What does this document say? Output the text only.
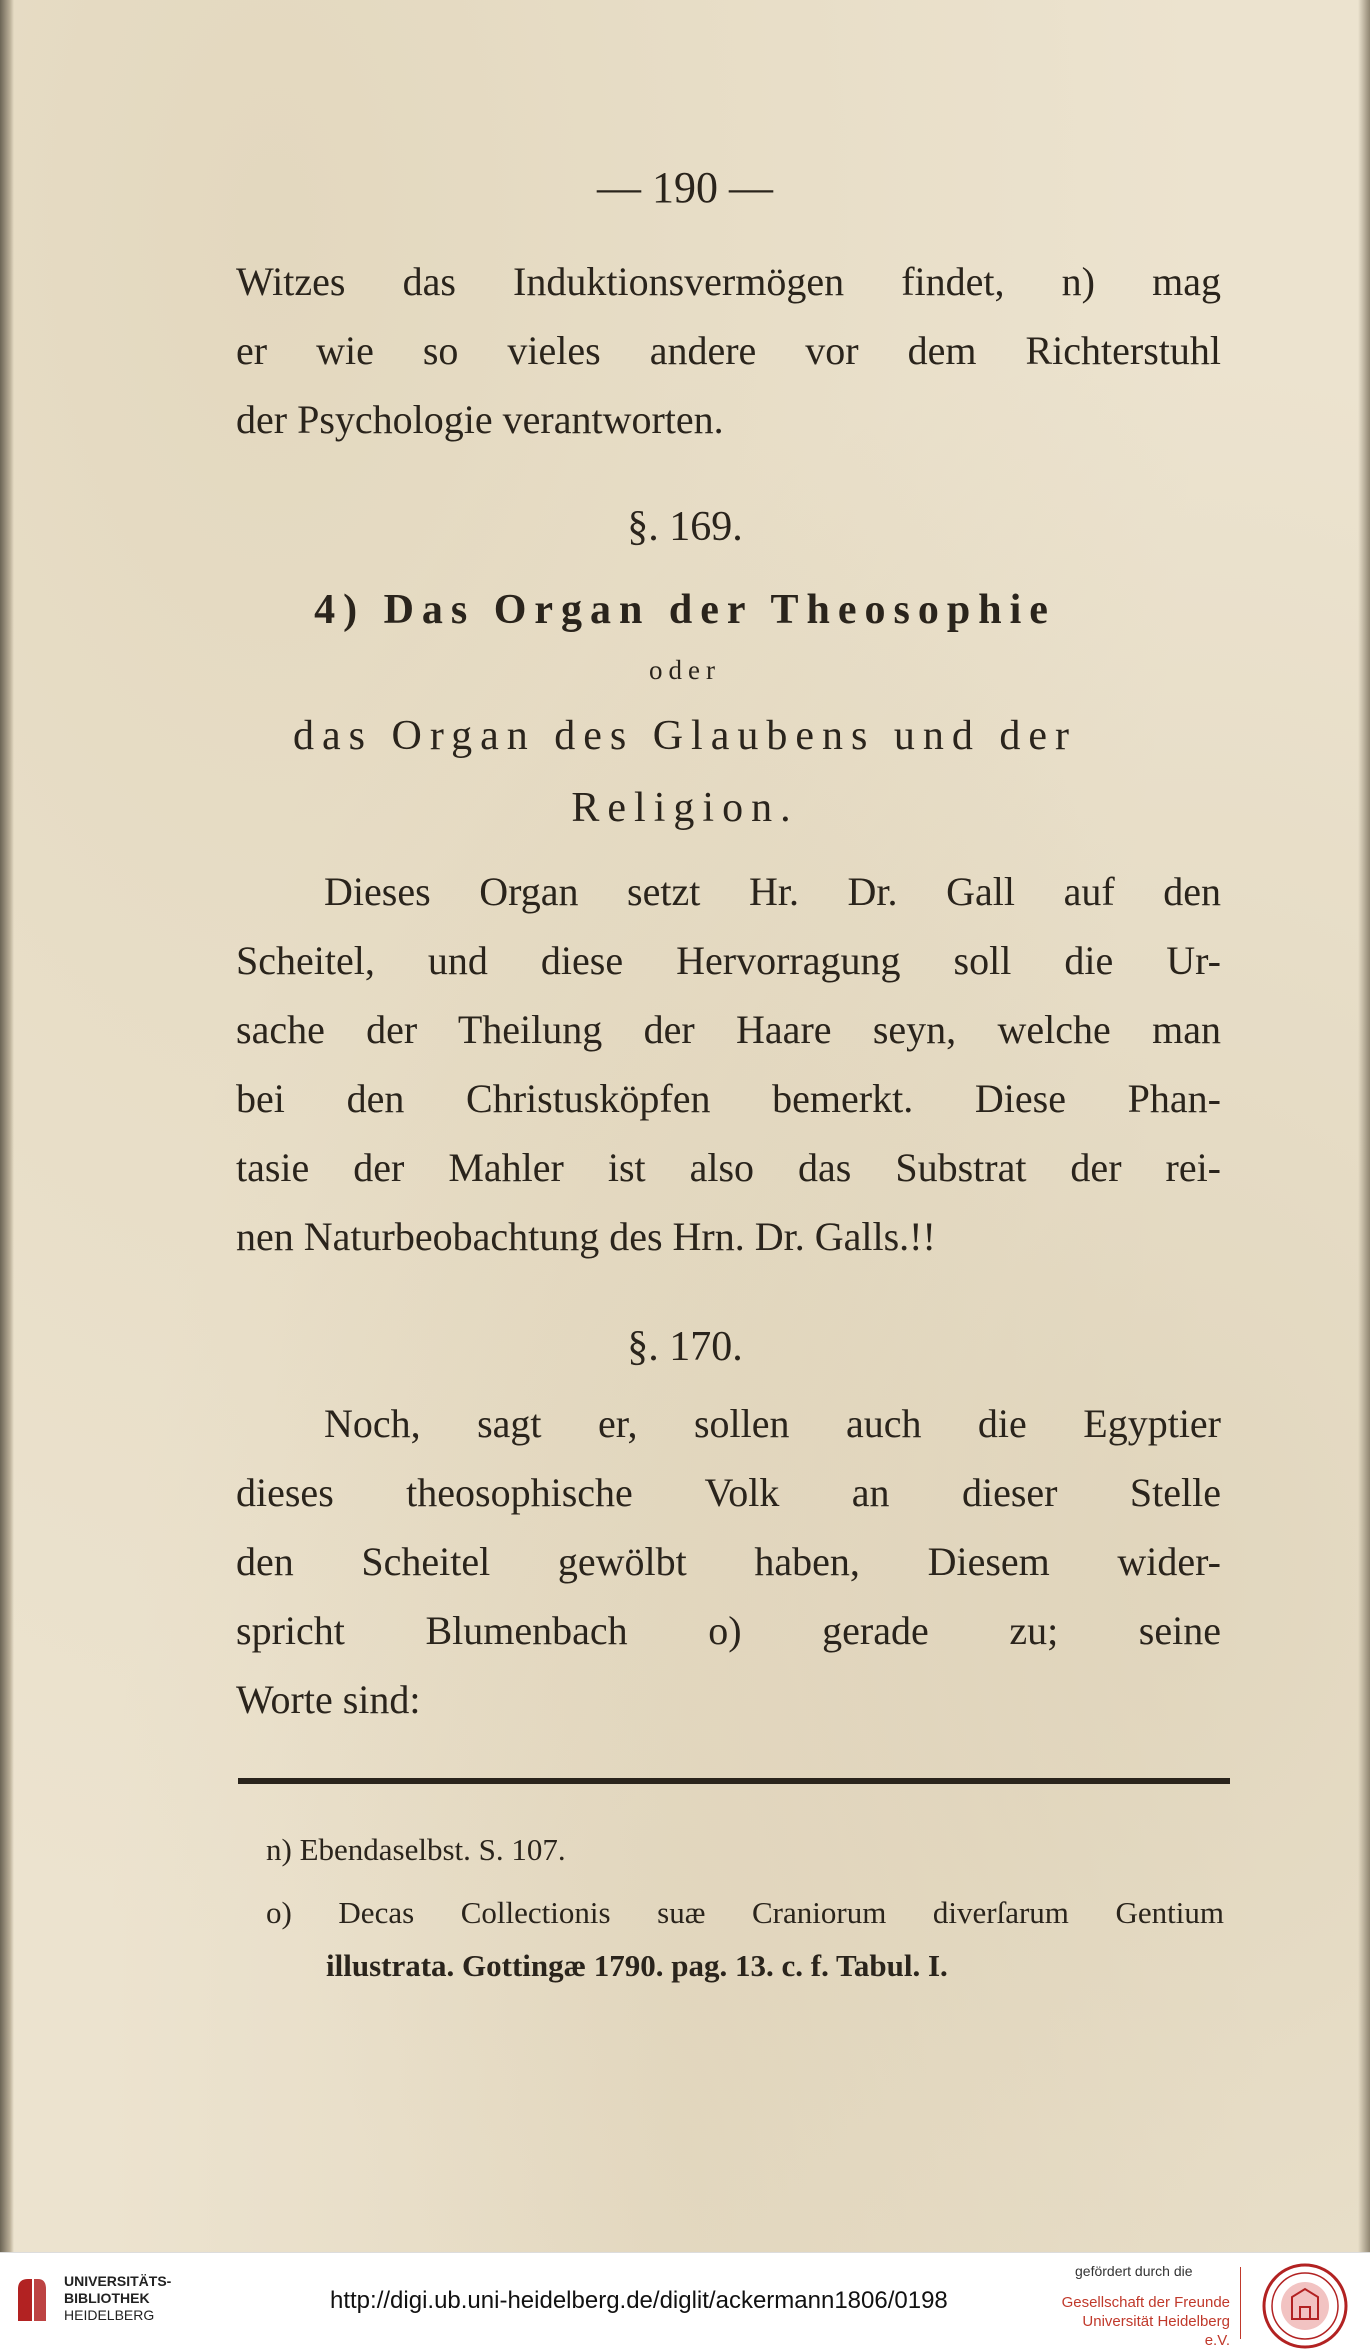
— 190 —
Witzes das Induktionsvermögen findet, n) mag
er wie so vieles andere vor dem Richterstuhl
der Psychologie verantworten.
§. 169.
4) Das Organ der Theosophie
oder
das Organ des Glaubens und der
Religion.
Dieses Organ setzt Hr. Dr. Gall auf den
Scheitel, und diese Hervorragung soll die Ur-
sache der Theilung der Haare seyn, welche man
bei den Christusköpfen bemerkt. Diese Phan-
tasie der Mahler ist also das Substrat der rei-
nen Naturbeobachtung des Hrn. Dr. Galls.!!
§. 170.
Noch, sagt er, sollen auch die Egyptier
dieses theosophische Volk an dieser Stelle
den Scheitel gewölbt haben, Diesem wider-
spricht Blumenbach o) gerade zu; seine
Worte sind:
n) Ebendaselbst. S. 107.
o) Decas Collectionis suæ Craniorum diverſarum Gentium
illustrata. Gottingæ 1790. pag. 13. c. f. Tabul. I.
UNIVERSITÄTS-
BIBLIOTHEK
HEIDELBERG
http://digi.ub.uni-heidelberg.de/diglit/ackermann1806/0198
gefördert durch die
Gesellschaft der Freunde
Universität Heidelberg e.V.
